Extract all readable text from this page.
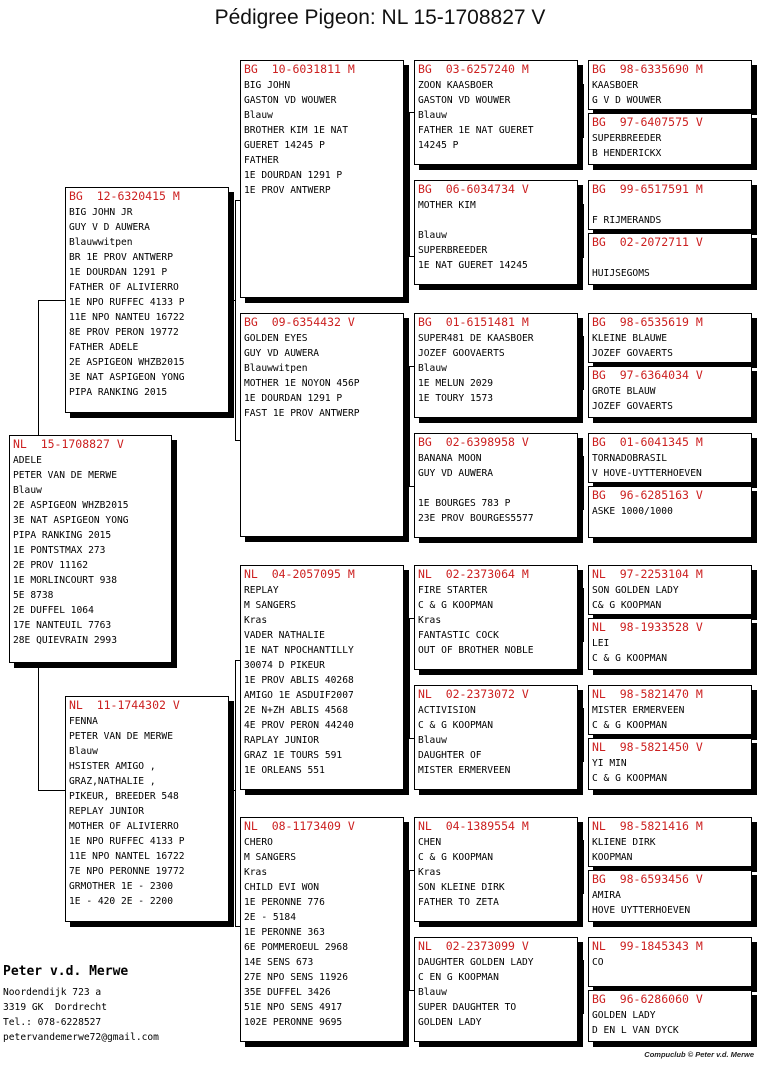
Pédigree Pigeon: NL 15-1708827 V
NL  15-1708827 V
ADELE
PETER VAN DE MERWE
Blauw
2E ASPIGEON WHZB2015
3E NAT ASPIGEON YONG
PIPA RANKING 2015
1E PONTSTMAX 273
2E PROV 11162
1E MORLINCOURT 938
5E 8738
2E DUFFEL 1064
17E NANTEUIL 7763
28E QUIEVRAIN 2993
BG  12-6320415 M
BIG JOHN JR
GUY V D AUWERA
Blauwwitpen
BR 1E PROV ANTWERP
1E DOURDAN 1291 P
FATHER OF ALIVIERRO
1E NPO RUFFEC 4133 P
11E NPO NANTEU 16722
8E PROV PERON 19772
FATHER ADELE
2E ASPIGEON WHZB2015
3E NAT ASPIGEON YONG
PIPA RANKING 2015
NL  11-1744302 V
FENNA
PETER VAN DE MERWE
Blauw
HSISTER AMIGO ,
GRAZ,NATHALIE ,
PIKEUR, BREEDER 548
REPLAY JUNIOR
MOTHER OF ALIVIERRO
1E NPO RUFFEC 4133 P
11E NPO NANTEL 16722
7E NPO PERONNE 19772
GRMOTHER 1E - 2300
1E - 420 2E - 2200
BG  10-6031811 M
BIG JOHN
GASTON VD WOUWER
Blauw
BROTHER KIM 1E NAT
GUERET 14245 P
FATHER
1E DOURDAN 1291 P
1E PROV ANTWERP
BG  09-6354432 V
GOLDEN EYES
GUY VD AUWERA
Blauwwitpen
MOTHER 1E NOYON 456P
1E DOURDAN 1291 P
FAST 1E PROV ANTWERP
NL  04-2057095 M
REPLAY
M SANGERS
Kras
VADER NATHALIE
1E NAT NPOCHANTILLY
30074 D PIKEUR
1E PROV ABLIS 40268
AMIGO 1E ASDUIF2007
2E N+ZH ABLIS 4568
4E PROV PERON 44240
RAPLAY JUNIOR
GRAZ 1E TOURS 591
1E ORLEANS 551
NL  08-1173409 V
CHERO
M SANGERS
Kras
CHILD EVI WON
1E PERONNE 776
2E - 5184
1E PERONNE 363
6E POMMEROEUL 2968
14E SENS 673
27E NPO SENS 11926
35E DUFFEL 3426
51E NPO SENS 4917
102E PERONNE 9695
BG  03-6257240 M
ZOON KAASBOER
GASTON VD WOUWER
Blauw
FATHER 1E NAT GUERET
14245 P
BG  06-6034734 V
MOTHER KIM
Blauw
SUPERBREEDER
1E NAT GUERET 14245
BG  01-6151481 M
SUPER481 DE KAASBOER
JOZEF GOOVAERTS
Blauw
1E MELUN 2029
1E TOURY 1573
BG  02-6398958 V
BANANA MOON
GUY VD AUWERA
1E BOURGES 783 P
23E PROV BOURGES5577
NL  02-2373064 M
FIRE STARTER
C & G KOOPMAN
Kras
FANTASTIC COCK
OUT OF BROTHER NOBLE
NL  02-2373072 V
ACTIVISION
C & G KOOPMAN
Blauw
DAUGHTER OF
MISTER ERMERVEEN
NL  04-1389554 M
CHEN
C & G KOOPMAN
Kras
SON KLEINE DIRK
FATHER TO ZETA
NL  02-2373099 V
DAUGHTER GOLDEN LADY
C EN G KOOPMAN
Blauw
SUPER DAUGHTER TO
GOLDEN LADY
BG  98-6335690 M
KAASBOER
G V D WOUWER
BG  97-6407575 V
SUPERBREEDER
B HENDERICKX
BG  99-6517591 M
F RIJMERANDS
BG  02-2072711 V
HUIJSEGOMS
BG  98-6535619 M
KLEINE BLAUWE
JOZEF GOVAERTS
BG  97-6364034 V
GROTE BLAUW
JOZEF GOVAERTS
BG  01-6041345 M
TORNADOBRASIL
V HOVE-UYTTERHOEVEN
BG  96-6285163 V
ASKE 1000/1000
NL  97-2253104 M
SON GOLDEN LADY
C& G KOOPMAN
NL  98-1933528 V
LEI
C & G KOOPMAN
NL  98-5821470 M
MISTER ERMERVEEN
C & G KOOPMAN
NL  98-5821450 V
YI MIN
C & G KOOPMAN
NL  98-5821416 M
KLIENE DIRK
KOOPMAN
BG  98-6593456 V
AMIRA
HOVE UYTTERHOEVEN
NL  99-1845343 M
CO
BG  96-6286060 V
GOLDEN LADY
D EN L VAN DYCK
Peter v.d. Merwe
Noordendijk 723 a
3319 GK  Dordrecht
Tel.: 078-6228527
petervandemerwe72@gmail.com
Compuclub © Peter v.d. Merwe
